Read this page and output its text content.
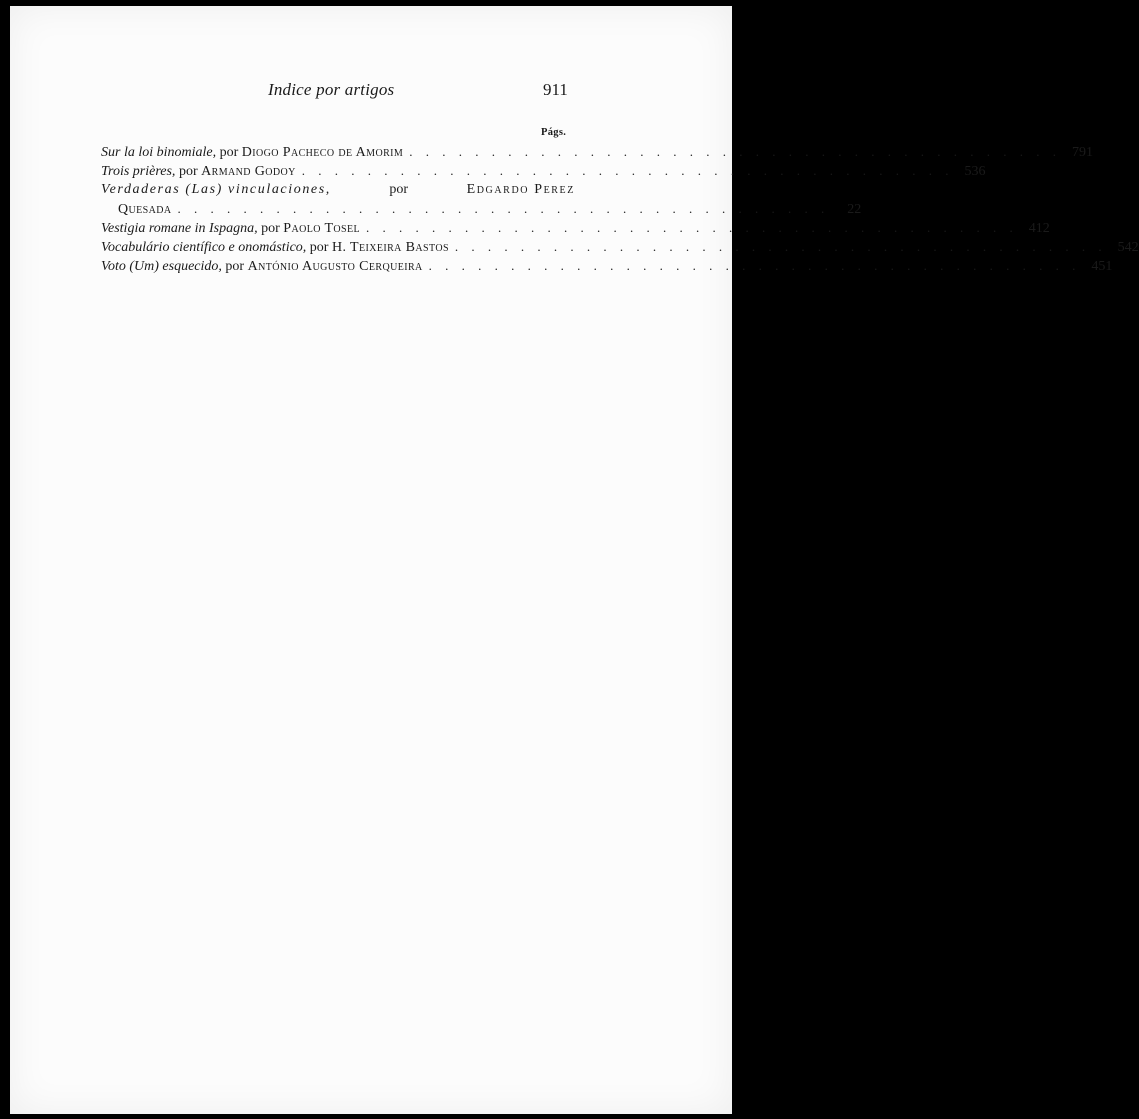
Indice por artigos	911
Págs.
Sur la loi binomiale, por Diogo Pacheco de Amorim . . .	791
Trois prières, por Armand Godoy . . .	536
Verdaderas (Las) vinculaciones,	por	Edgardo Perez
Quesada . . .	22
Vestigia romane in Ispagna, por Paolo Tosel . . .	412
Vocabulário científico e onomástico, por H. Teixeira Bastos . . .	542
Voto (Um) esquecido, por António Augusto Cerqueira . . .	451
